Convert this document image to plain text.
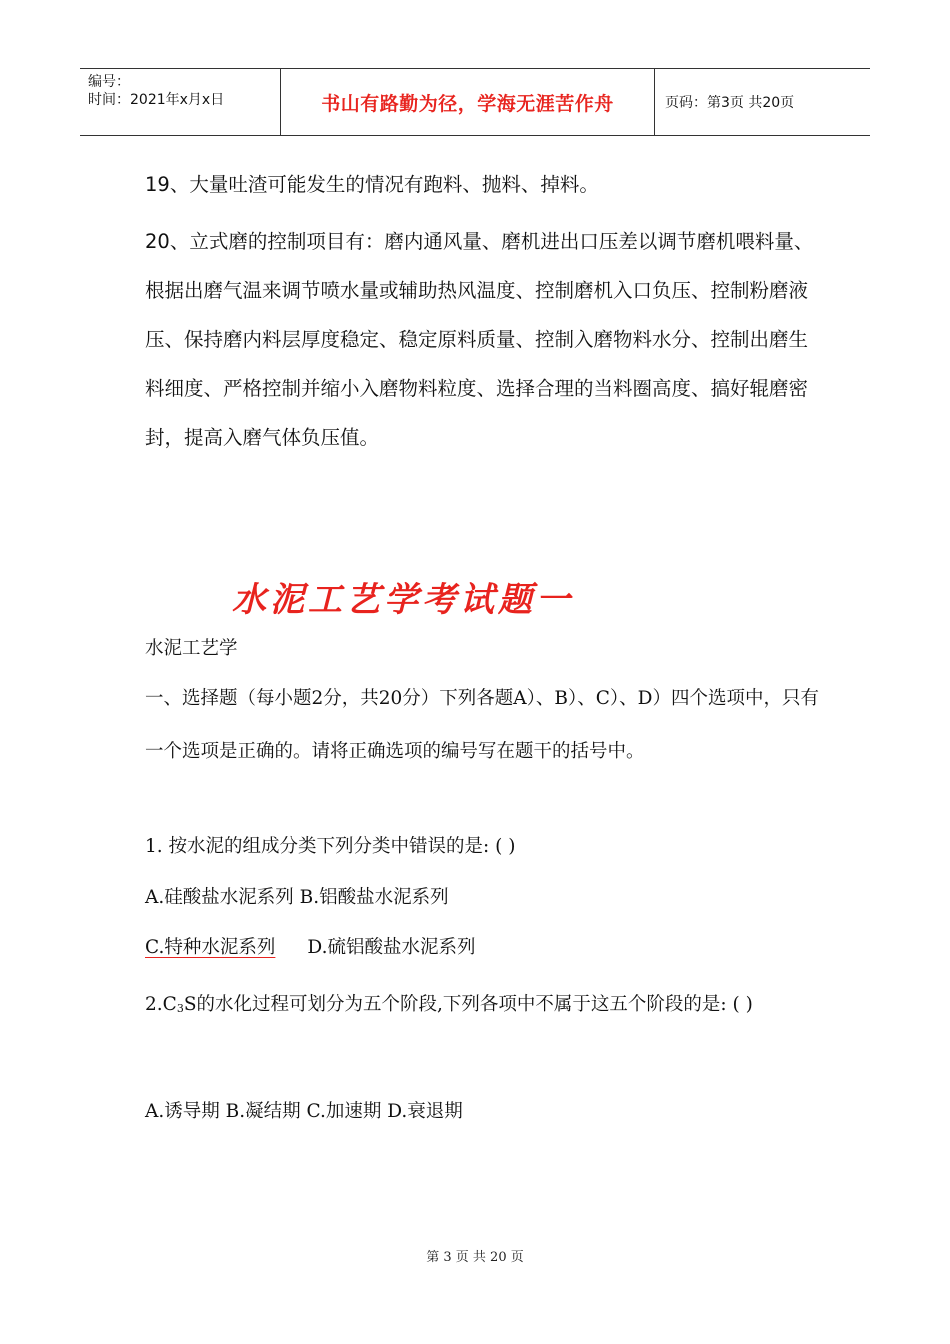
编号：
时间：2021年x月x日	书山有路勤为径，学海无涯苦作舟	页码：第3页 共20页

19、大量吐渣可能发生的情况有跑料、抛料、掉料。

20、立式磨的控制项目有：磨内通风量、磨机进出口压差以调节磨机喂料量、根据出磨气温来调节喷水量或辅助热风温度、控制磨机入口负压、控制粉磨液压、保持磨内料层厚度稳定、稳定原料质量、控制入磨物料水分、控制出磨生料细度、严格控制并缩小入磨物料粒度、选择合理的当料圈高度、搞好辊磨密封，提高入磨气体负压值。

水泥工艺学考试题一

水泥工艺学

一、选择题（每小题2分，共20分）下列各题A）、B）、C）、D）四个选项中，只有一个选项是正确的。请将正确选项的编号写在题干的括号中。

1. 按水泥的组成分类下列分类中错误的是: ( )

A.硅酸盐水泥系列 B.铝酸盐水泥系列

C.特种水泥系列 D.硫铝酸盐水泥系列

$2.C_3S$的水化过程可划分为五个阶段,下列各项中不属于这五个阶段的是: ( )

A.诱导期 B.凝结期 C.加速期 D.衰退期

第 3 页 共 20 页
